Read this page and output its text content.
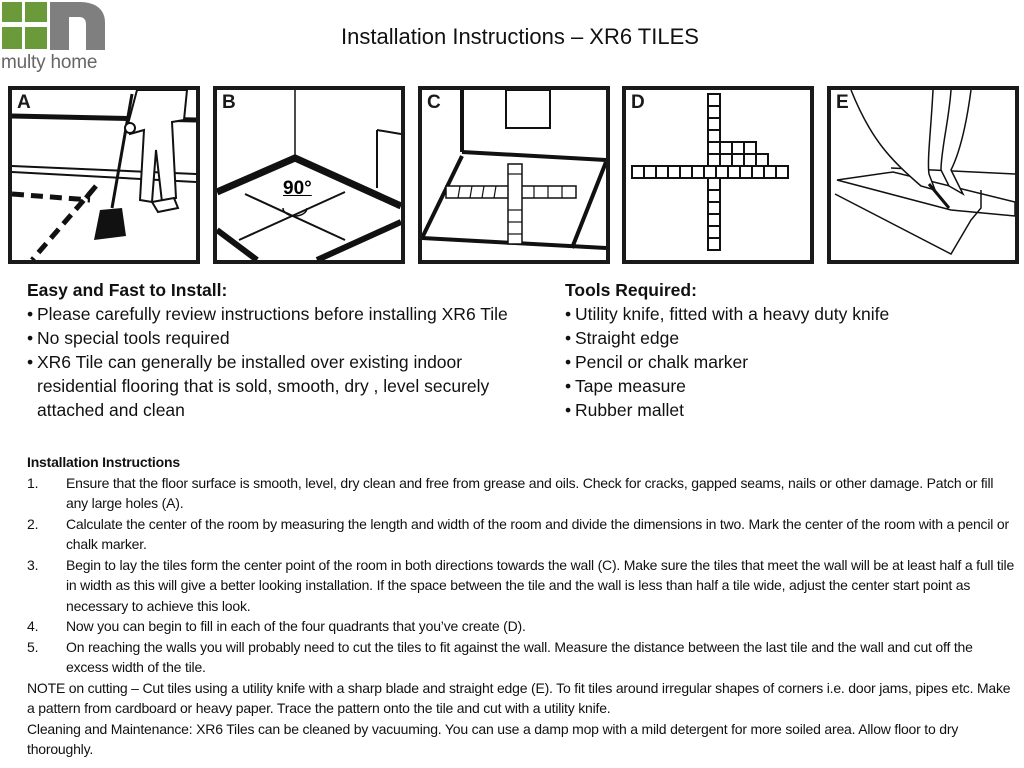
multy home
Installation Instructions – XR6 TILES
A	B
90°
C	D	E
Easy and Fast to Install:
• Please carefully review instructions before installing XR6 Tile
• No special tools required
• XR6 Tile can generally be installed over existing indoor residential flooring that is sold, smooth, dry , level securely attached and clean
Tools Required:
• Utility knife, fitted with a heavy duty knife
• Straight edge
• Pencil or chalk marker
• Tape measure
• Rubber mallet
Installation Instructions
1. Ensure that the floor surface is smooth, level, dry clean and free from grease and oils. Check for cracks, gapped seams, nails or other damage. Patch or fill any large holes (A).
2. Calculate the center of the room by measuring the length and width of the room and divide the dimensions in two. Mark the center of the room with a pencil or chalk marker.
3. Begin to lay the tiles form the center point of the room in both directions towards the wall (C). Make sure the tiles that meet the wall will be at least half a full tile in width as this will give a better looking installation. If the space between the tile and the wall is less than half a tile wide, adjust the center start point as necessary to achieve this look.
4. Now you can begin to fill in each of the four quadrants that you’ve create (D).
5. On reaching the walls you will probably need to cut the tiles to fit against the wall. Measure the distance between the last tile and the wall and cut off the excess width of the tile.

NOTE on cutting – Cut tiles using a utility knife with a sharp blade and straight edge (E). To fit tiles around irregular shapes of corners i.e. door jams, pipes etc. Make a pattern from cardboard or heavy paper. Trace the pattern onto the tile and cut with a utility knife.

Cleaning and Maintenance: XR6 Tiles can be cleaned by vacuuming. You can use a damp mop with a mild detergent for more soiled area. Allow floor to dry thoroughly.
